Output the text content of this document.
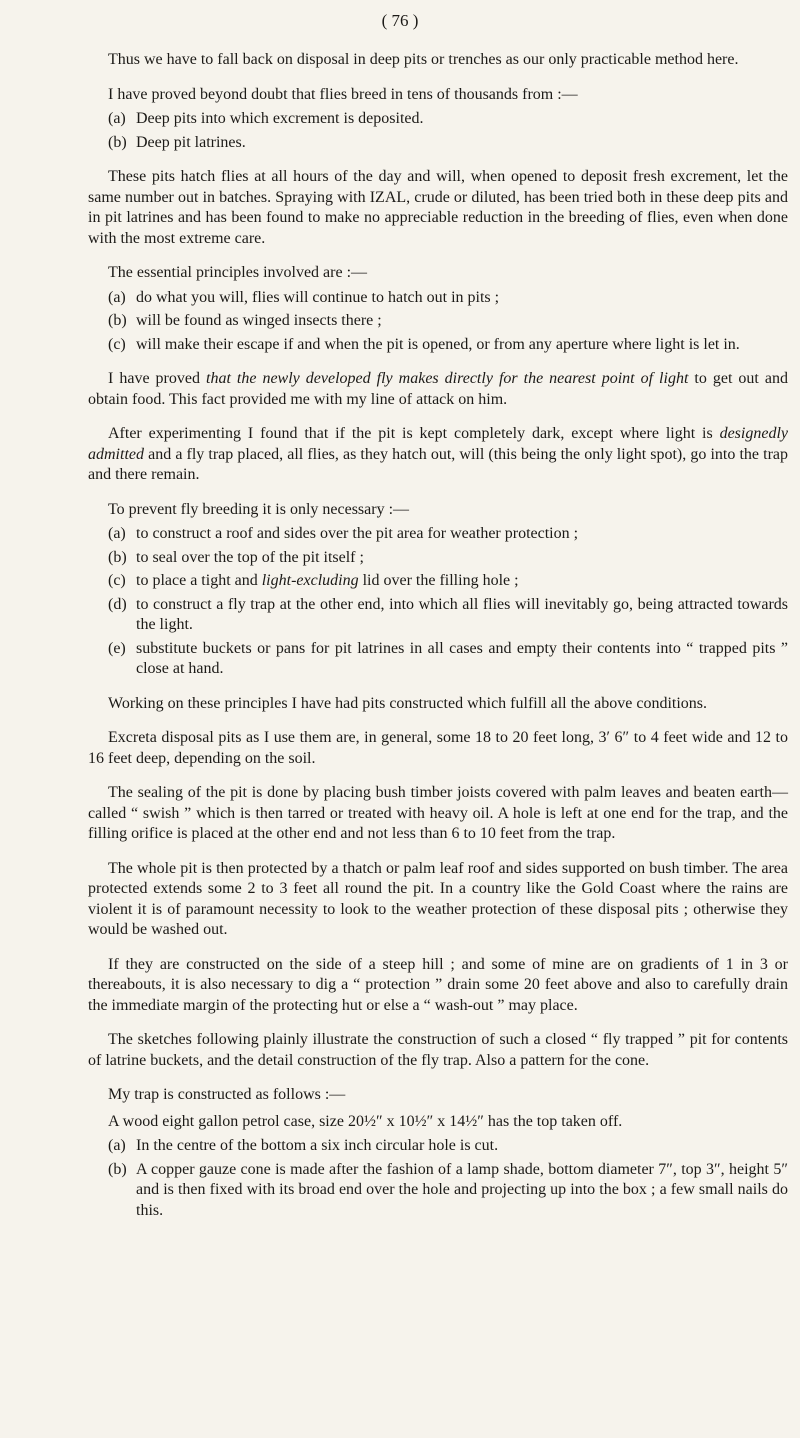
( 76 )

Thus we have to fall back on disposal in deep pits or trenches as our only practicable method here.

I have proved beyond doubt that flies breed in tens of thousands from :—

(a) Deep pits into which excrement is deposited.
(b) Deep pit latrines.

These pits hatch flies at all hours of the day and will, when opened to deposit fresh excrement, let the same number out in batches. Spraying with IZAL, crude or diluted, has been tried both in these deep pits and in pit latrines and has been found to make no appreciable reduction in the breeding of flies, even when done with the most extreme care.

The essential principles involved are :—

(a) do what you will, flies will continue to hatch out in pits ;
(b) will be found as winged insects there ;
(c) will make their escape if and when the pit is opened, or from any aperture where light is let in.

I have proved that the newly developed fly makes directly for the nearest point of light to get out and obtain food. This fact provided me with my line of attack on him.

After experimenting I found that if the pit is kept completely dark, except where light is designedly admitted and a fly trap placed, all flies, as they hatch out, will (this being the only light spot), go into the trap and there remain.

To prevent fly breeding it is only necessary :—

(a) to construct a roof and sides over the pit area for weather protection ;
(b) to seal over the top of the pit itself ;
(c) to place a tight and light-excluding lid over the filling hole ;
(d) to construct a fly trap at the other end, into which all flies will inevitably go, being attracted towards the light.
(e) substitute buckets or pans for pit latrines in all cases and empty their contents into “ trapped pits ” close at hand.

Working on these principles I have had pits constructed which fulfill all the above conditions.

Excreta disposal pits as I use them are, in general, some 18 to 20 feet long, 3′ 6″ to 4 feet wide and 12 to 16 feet deep, depending on the soil.

The sealing of the pit is done by placing bush timber joists covered with palm leaves and beaten earth—called “ swish ” which is then tarred or treated with heavy oil. A hole is left at one end for the trap, and the filling orifice is placed at the other end and not less than 6 to 10 feet from the trap.

The whole pit is then protected by a thatch or palm leaf roof and sides supported on bush timber. The area protected extends some 2 to 3 feet all round the pit. In a country like the Gold Coast where the rains are violent it is of paramount necessity to look to the weather protection of these disposal pits ; otherwise they would be washed out.

If they are constructed on the side of a steep hill ; and some of mine are on gradients of 1 in 3 or thereabouts, it is also necessary to dig a “ protection ” drain some 20 feet above and also to carefully drain the immediate margin of the protecting hut or else a “ wash-out ” may place.

The sketches following plainly illustrate the construction of such a closed “ fly trapped ” pit for contents of latrine buckets, and the detail construction of the fly trap. Also a pattern for the cone.

My trap is constructed as follows :—

A wood eight gallon petrol case, size 20½″ x 10½″ x 14½″ has the top taken off.

(a) In the centre of the bottom a six inch circular hole is cut.
(b) A copper gauze cone is made after the fashion of a lamp shade, bottom diameter 7″, top 3″, height 5″ and is then fixed with its broad end over the hole and projecting up into the box ; a few small nails do this.
